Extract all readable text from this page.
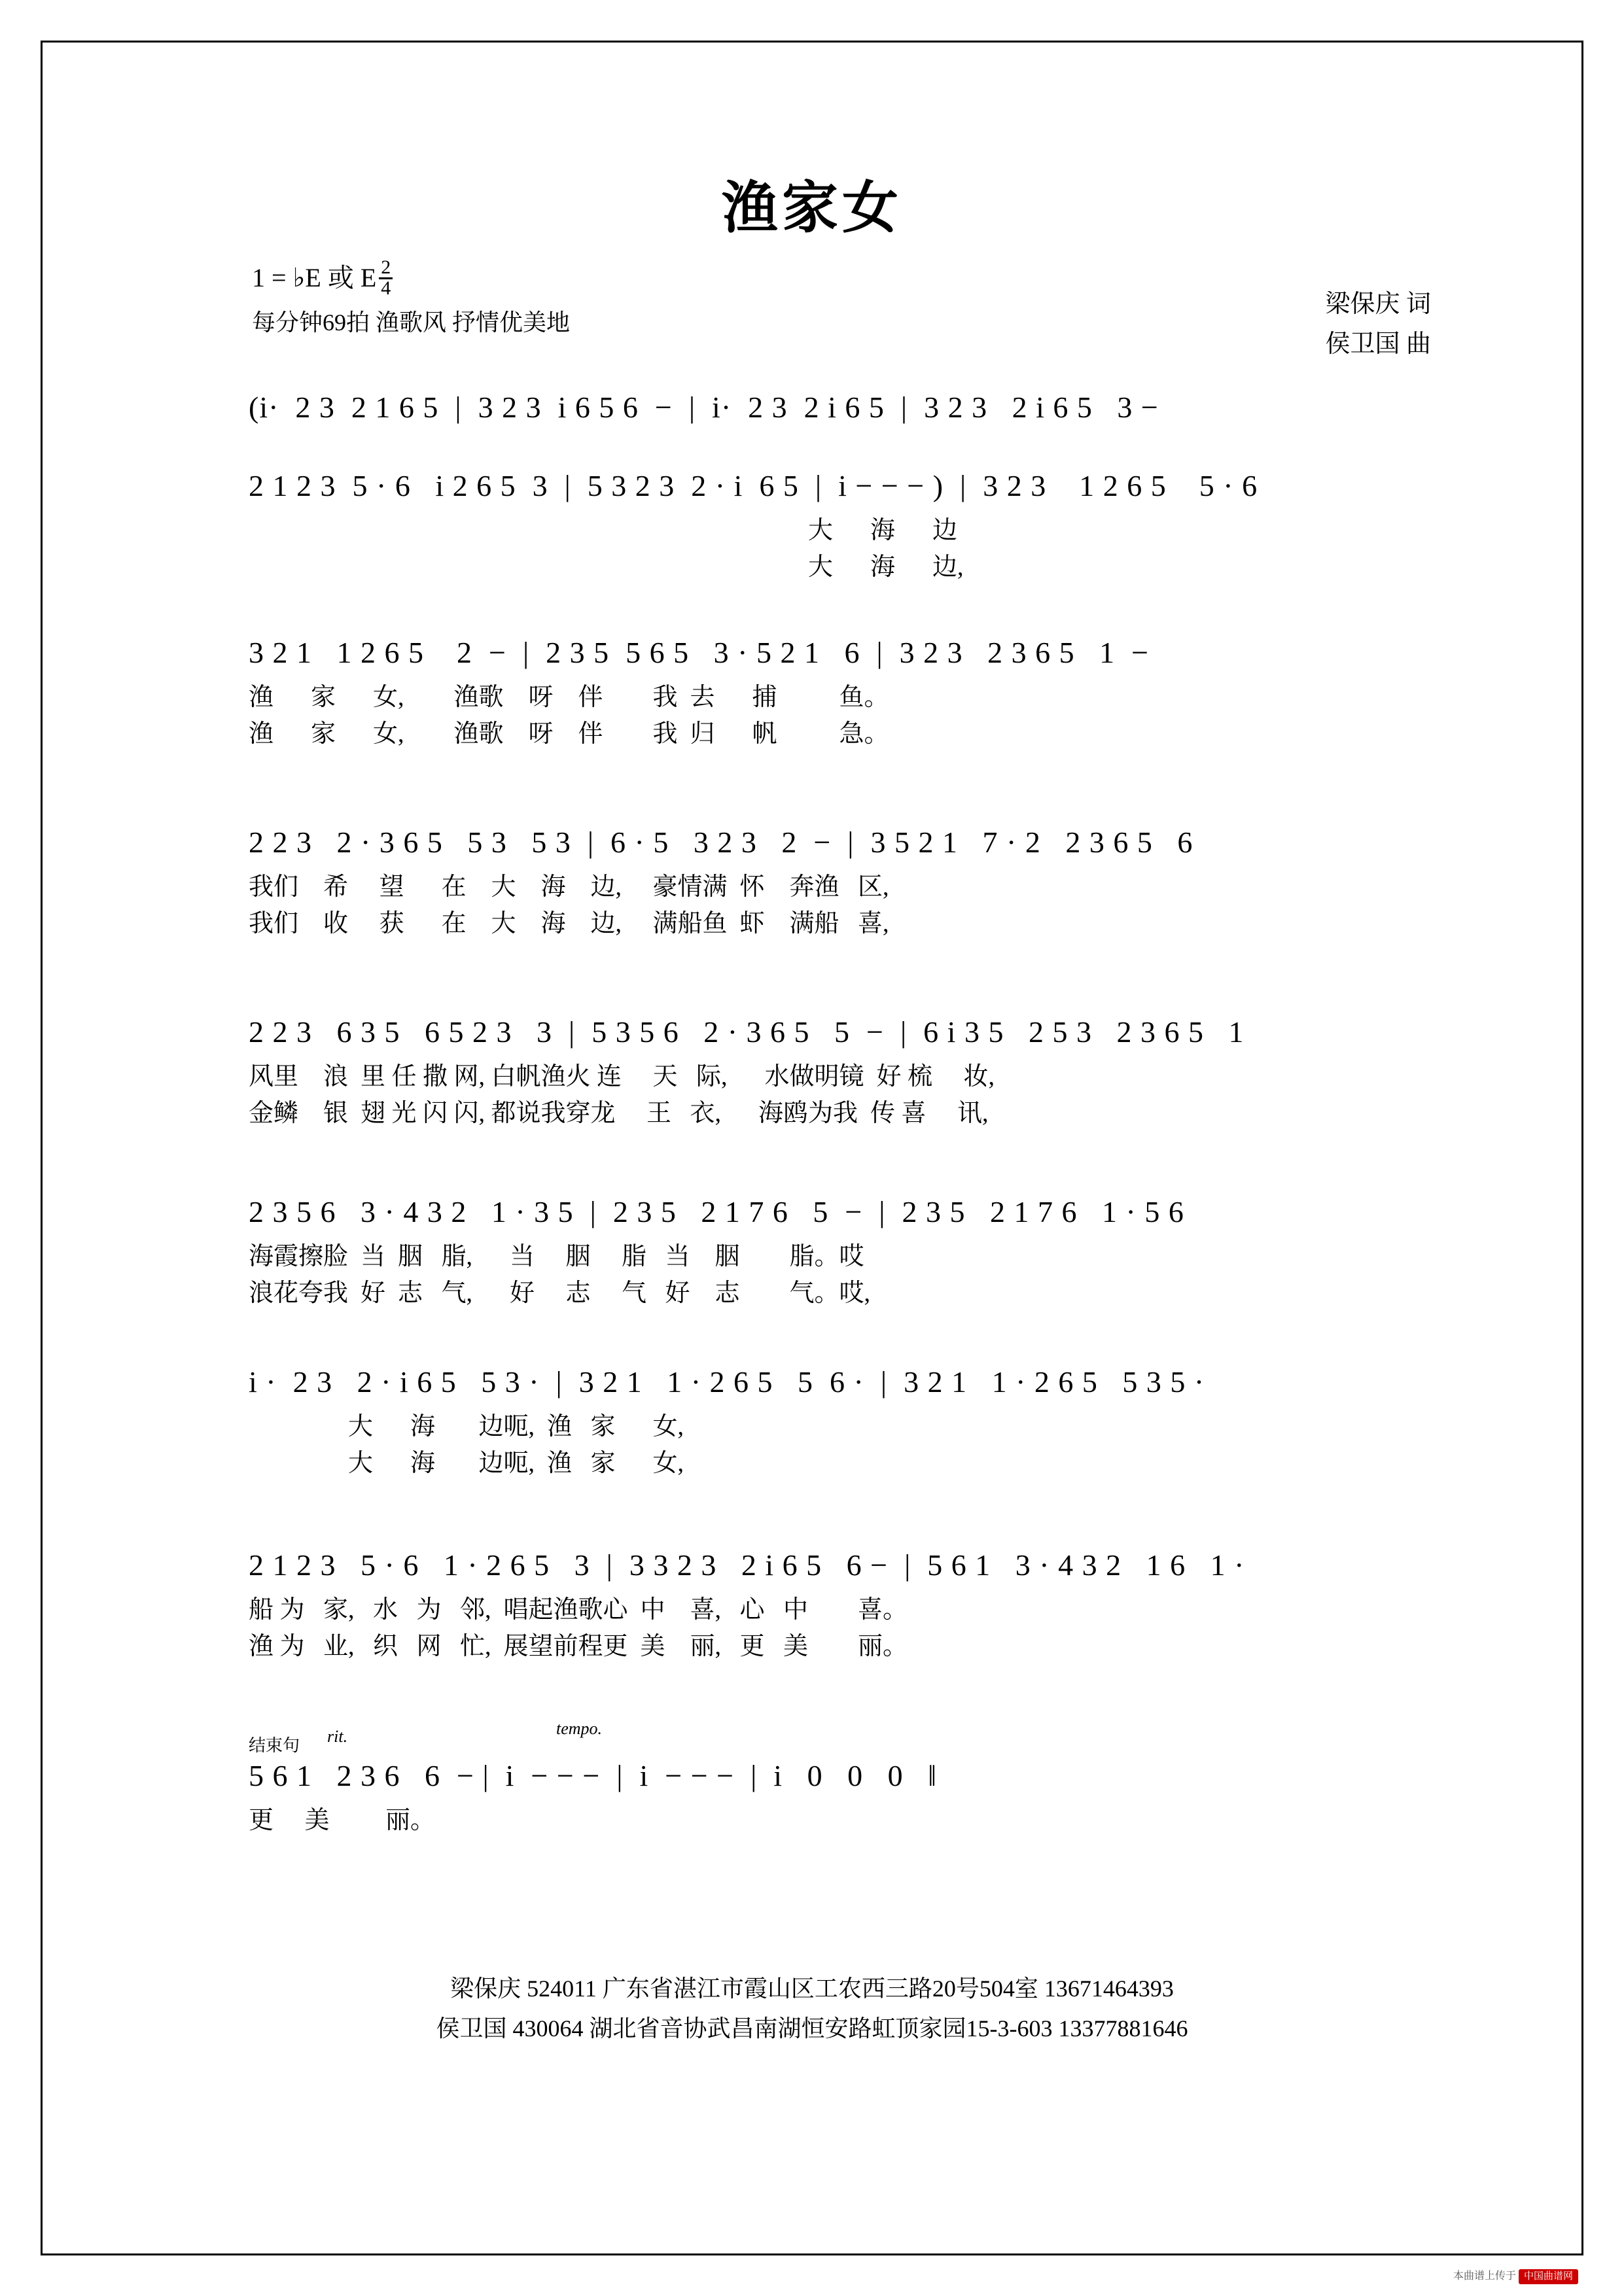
渔家女
1 = ♭E 或 E $\frac{2}{4}$
每分钟69拍 渔歌风 抒情优美地
梁保庆 词
侯卫国 曲
(i·  2 3  2 1 6 5  |  3 2 3  i 6 5 6  −  |  i·  2 3  2 i 6 5  |  3 2 3   2 i 6 5   3 −
2 1 2 3  5 · 6   i 2 6 5  3  |  5 3 2 3  2 · i  6 5  |  i − − − )  |  3 2 3    1 2 6 5    5 · 6
大      海      边
大      海      边,
3 2 1   1 2 6 5    2  −  |  2 3 5  5 6 5   3 · 5 2 1   6  |  3 2 3   2 3 6 5   1  −
渔      家      女,        渔歌    呀    伴        我  去      捕          鱼。
渔      家      女,        渔歌    呀    伴        我  归      帆          急。
2 2 3   2 · 3 6 5   5 3   5 3  |  6 · 5   3 2 3   2  −  |  3 5 2 1   7 · 2   2 3 6 5   6
我们    希     望      在    大    海    边,     豪情满  怀    奔渔   区,
我们    收     获      在    大    海    边,     满船鱼  虾    满船   喜,
2 2 3   6 3 5   6 5 2 3   3  |  5 3 5 6   2 · 3 6 5   5  −  |  6 i 3 5   2 5 3   2 3 6 5   1
风里    浪  里 任 撒 网, 白帆渔火 连     天   际,      水做明镜  好 梳     妆,
金鳞    银  翅 光 闪 闪, 都说我穿龙     王   衣,      海鸥为我  传 喜     讯,
2 3 5 6   3 · 4 3 2   1 · 3 5  |  2 3 5   2 1 7 6   5  −  |  2 3 5   2 1 7 6   1 · 5 6
海霞擦脸  当  胭   脂,      当     胭     脂   当    胭        脂。哎
浪花夸我  好  志   气,      好     志     气   好    志        气。哎,
i ·  2 3   2 · i 6 5   5 3 ·  |  3 2 1   1 · 2 6 5   5  6 ·  |  3 2 1   1 · 2 6 5   5 3 5 ·
大      海       边呃,  渔   家      女,
大      海       边呃,  渔   家      女,
2 1 2 3   5 · 6   1 · 2 6 5   3  |  3 3 2 3   2 i 6 5   6 −  |  5 6 1   3 · 4 3 2   1 6   1 ·
船 为   家,   水   为   邻,  唱起渔歌心  中    喜,   心   中        喜。
渔 为   业,   织   网   忙,  展望前程更  美    丽,   更   美        丽。
结束句 rit.	tempo.
5 6 1   2 3 6   6  − |  i  − − −  |  i  − − −  |  i   0   0   0   ‖
更     美         丽。
梁保庆 524011 广东省湛江市霞山区工农西三路20号504室 13671464393
侯卫国 430064 湖北省音协武昌南湖恒安路虹顶家园15-3-603 13377881646
本曲谱上传于 中国曲谱网
